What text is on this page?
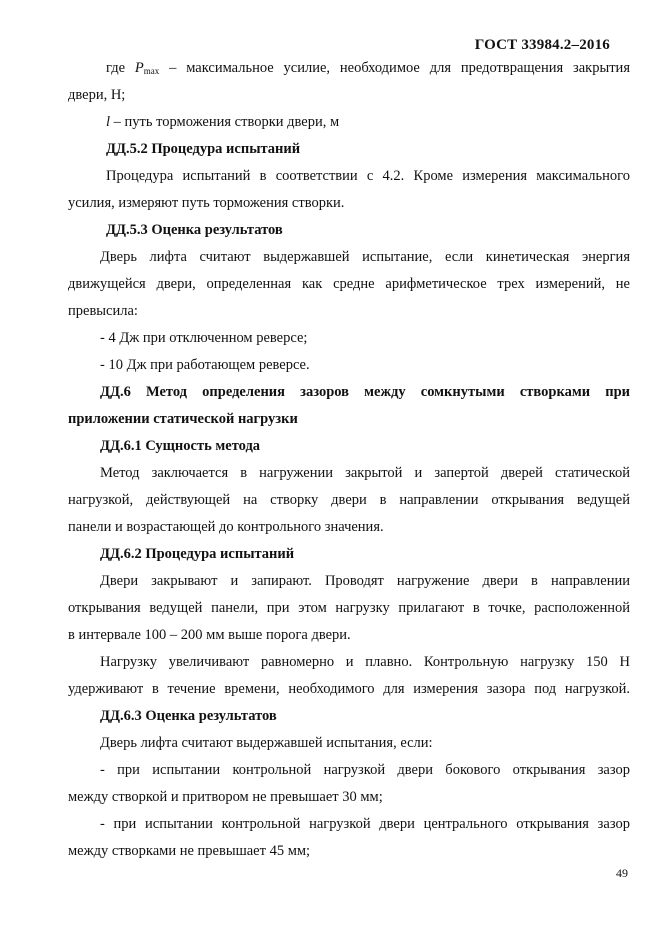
ГОСТ 33984.2–2016
где $P_{max}$ – максимальное усилие, необходимое для предотвращения закрытия
двери, Н;
l – путь торможения створки двери, м
ДД.5.2 Процедура испытаний
Процедура испытаний в соответствии с 4.2. Кроме измерения максимального
усилия, измеряют путь торможения створки.
ДД.5.3 Оценка результатов
Дверь лифта считают выдержавшей испытание, если кинетическая энергия
движущейся двери, определенная как средне арифметическое трех измерений, не
превысила:
- 4 Дж при отключенном реверсе;
- 10 Дж при работающем реверсе.
ДД.6 Метод определения зазоров между сомкнутыми створками при
приложении статической нагрузки
ДД.6.1 Сущность метода
Метод заключается в нагружении закрытой и запертой дверей статической
нагрузкой, действующей на створку двери в направлении открывания ведущей
панели и возрастающей до контрольного значения.
ДД.6.2 Процедура испытаний
Двери закрывают и запирают. Проводят нагружение двери в направлении
открывания ведущей панели, при этом нагрузку прилагают в точке, расположенной
в интервале 100 – 200 мм выше порога двери.
Нагрузку увеличивают равномерно и плавно. Контрольную нагрузку 150 Н
удерживают в течение времени, необходимого для измерения зазора под нагрузкой.
ДД.6.3 Оценка результатов
Дверь лифта считают выдержавшей испытания, если:
- при испытании контрольной нагрузкой двери бокового открывания зазор
между створкой и притвором не превышает 30 мм;
- при испытании контрольной нагрузкой двери центрального открывания зазор
между створками не превышает 45 мм;
49
